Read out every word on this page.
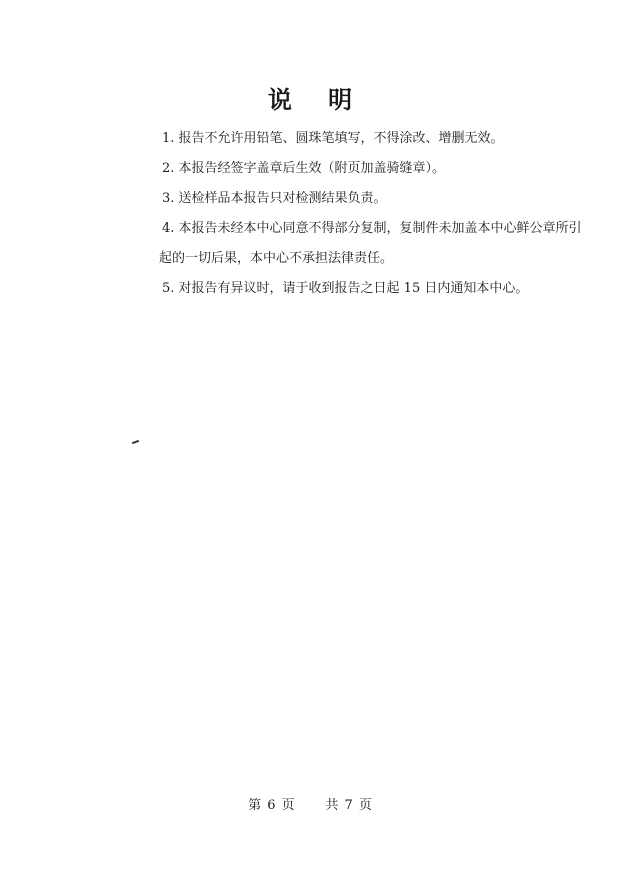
说 明

1. 报告不允许用铅笔、圆珠笔填写，不得涂改、增删无效。

2. 本报告经签字盖章后生效（附页加盖骑缝章）。

3. 送检样品本报告只对检测结果负责。

4. 本报告未经本中心同意不得部分复制，复制件未加盖本中心鲜公章所引

起的一切后果，本中心不承担法律责任。

5. 对报告有异议时，请于收到报告之日起 15 日内通知本中心。

第 6 页 共 7 页
